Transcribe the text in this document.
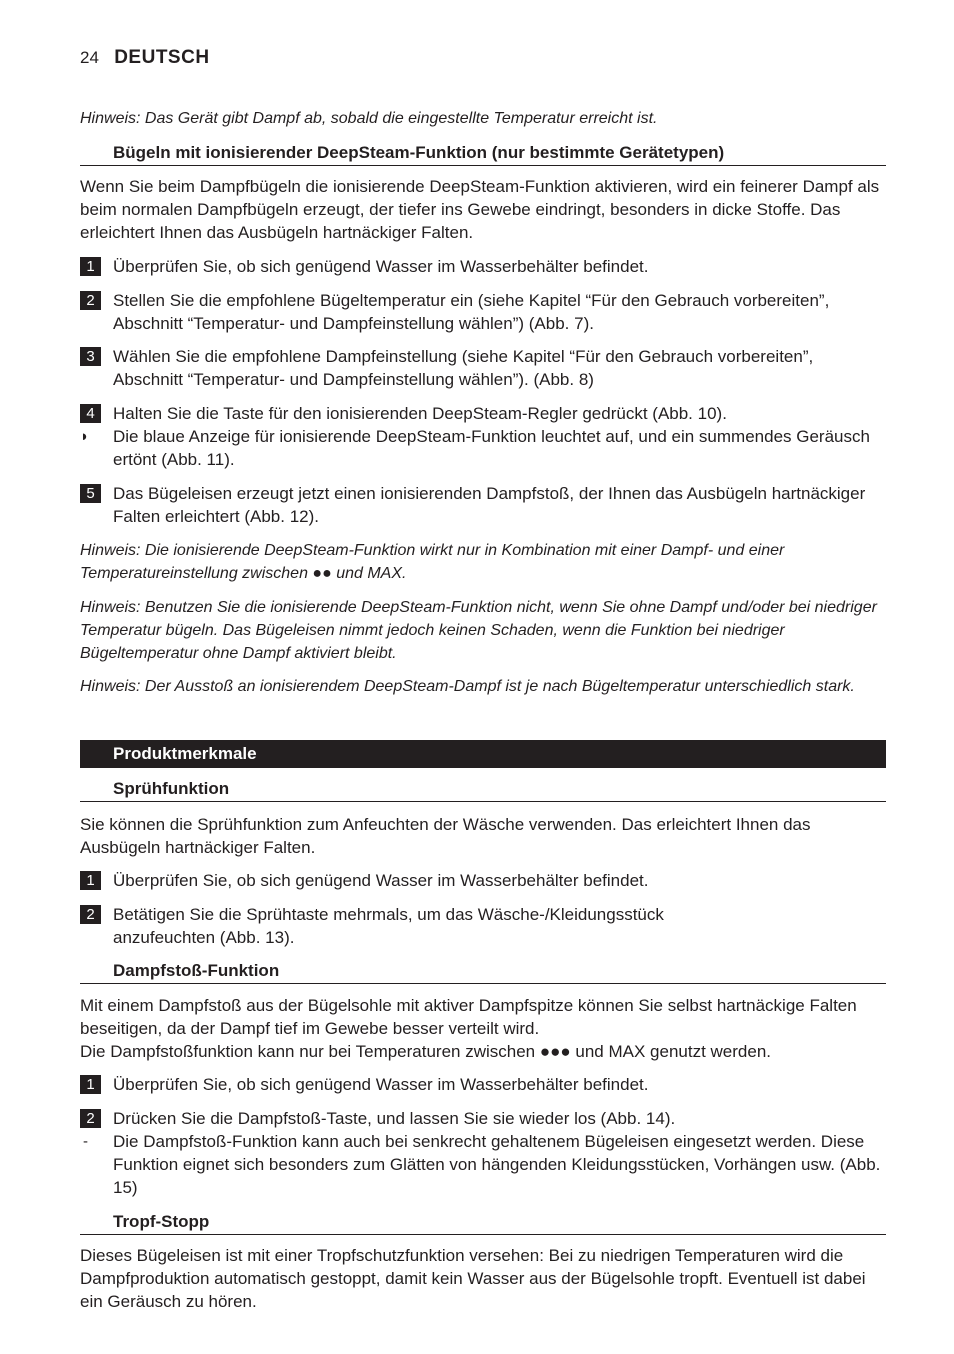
24 DEUTSCH
Hinweis: Das Gerät gibt Dampf ab, sobald die eingestellte Temperatur erreicht ist.
Bügeln mit ionisierender DeepSteam-Funktion (nur bestimmte Gerätetypen)
Wenn Sie beim Dampfbügeln die ionisierende DeepSteam-Funktion aktivieren, wird ein feinerer Dampf als beim normalen Dampfbügeln erzeugt, der tiefer ins Gewebe eindringt, besonders in dicke Stoffe. Das erleichtert Ihnen das Ausbügeln hartnäckiger Falten.
1	Überprüfen Sie, ob sich genügend Wasser im Wasserbehälter befindet.
2	Stellen Sie die empfohlene Bügeltemperatur ein (siehe Kapitel “Für den Gebrauch vorbereiten”, Abschnitt “Temperatur- und Dampfeinstellung wählen”) (Abb. 7).
3	Wählen Sie die empfohlene Dampfeinstellung (siehe Kapitel “Für den Gebrauch vorbereiten”, Abschnitt “Temperatur- und Dampfeinstellung wählen”). (Abb. 8)
4	Halten Sie die Taste für den ionisierenden DeepSteam-Regler gedrückt (Abb. 10).
◗	Die blaue Anzeige für ionisierende DeepSteam-Funktion leuchtet auf, und ein summendes Geräusch ertönt (Abb. 11).
5	Das Bügeleisen erzeugt jetzt einen ionisierenden Dampfstoß, der Ihnen das Ausbügeln hartnäckiger Falten erleichtert (Abb. 12).
Hinweis: Die ionisierende DeepSteam-Funktion wirkt nur in Kombination mit einer Dampf- und einer Temperatureinstellung zwischen ●● und MAX.
Hinweis: Benutzen Sie die ionisierende DeepSteam-Funktion nicht, wenn Sie ohne Dampf und/oder bei niedriger Temperatur bügeln. Das Bügeleisen nimmt jedoch keinen Schaden, wenn die Funktion bei niedriger Bügeltemperatur ohne Dampf aktiviert bleibt.
Hinweis: Der Ausstoß an ionisierendem DeepSteam-Dampf ist je nach Bügeltemperatur unterschiedlich stark.
Produktmerkmale
Sprühfunktion
Sie können die Sprühfunktion zum Anfeuchten der Wäsche verwenden. Das erleichtert Ihnen das Ausbügeln hartnäckiger Falten.
1	Überprüfen Sie, ob sich genügend Wasser im Wasserbehälter befindet.
2	Betätigen Sie die Sprühtaste mehrmals, um das Wäsche-/Kleidungsstück anzufeuchten (Abb. 13).
Dampfstoß-Funktion
Mit einem Dampfstoß aus der Bügelsohle mit aktiver Dampfspitze können Sie selbst hartnäckige Falten beseitigen, da der Dampf tief im Gewebe besser verteilt wird.
Die Dampfstoßfunktion kann nur bei Temperaturen zwischen ●●● und MAX genutzt werden.
1	Überprüfen Sie, ob sich genügend Wasser im Wasserbehälter befindet.
2	Drücken Sie die Dampfstoß-Taste, und lassen Sie sie wieder los (Abb. 14).
-	Die Dampfstoß-Funktion kann auch bei senkrecht gehaltenem Bügeleisen eingesetzt werden. Diese Funktion eignet sich besonders zum Glätten von hängenden Kleidungsstücken, Vorhängen usw. (Abb. 15)
Tropf-Stopp
Dieses Bügeleisen ist mit einer Tropfschutzfunktion versehen: Bei zu niedrigen Temperaturen wird die Dampfproduktion automatisch gestoppt, damit kein Wasser aus der Bügelsohle tropft. Eventuell ist dabei ein Geräusch zu hören.
